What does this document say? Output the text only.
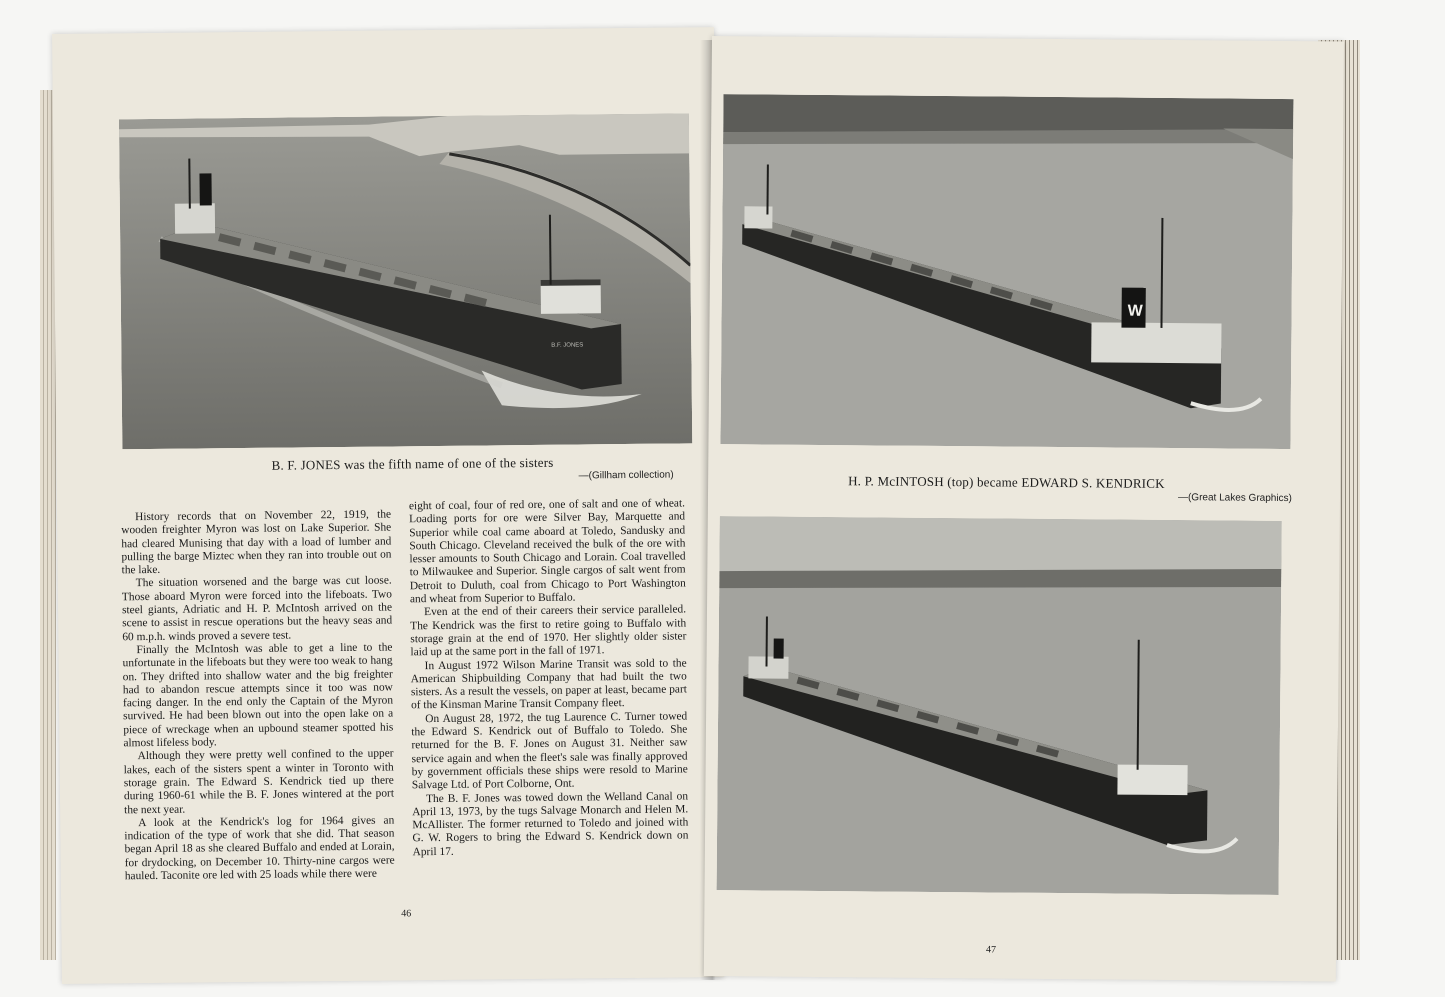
B.F. JONES
B. F. JONES was the fifth name of one of the sisters
—(Gillham collection)

History records that on November 22, 1919, the wooden freighter Myron was lost on Lake Superior. She had cleared Munising that day with a load of lumber and pulling the barge Miztec when they ran into trouble out on the lake.

The situation worsened and the barge was cut loose. Those aboard Myron were forced into the lifeboats. Two steel giants, Adriatic and H. P. McIntosh arrived on the scene to assist in rescue operations but the heavy seas and 60 m.p.h. winds proved a severe test.

Finally the McIntosh was able to get a line to the unfortunate in the lifeboats but they were too weak to hang on. They drifted into shallow water and the big freighter had to abandon rescue attempts since it too was now facing danger. In the end only the Captain of the Myron survived. He had been blown out into the open lake on a piece of wreckage when an upbound steamer spotted his almost lifeless body.

Although they were pretty well confined to the upper lakes, each of the sisters spent a winter in Toronto with storage grain. The Edward S. Kendrick tied up there during 1960-61 while the B. F. Jones wintered at the port the next year.

A look at the Kendrick's log for 1964 gives an indication of the type of work that she did. That season began April 18 as she cleared Buffalo and ended at Lorain, for drydocking, on December 10. Thirty-nine cargos were hauled. Taconite ore led with 25 loads while there were

eight of coal, four of red ore, one of salt and one of wheat. Loading ports for ore were Silver Bay, Marquette and Superior while coal came aboard at Toledo, Sandusky and South Chicago. Cleveland received the bulk of the ore with lesser amounts to South Chicago and Lorain. Coal travelled to Milwaukee and Superior. Single cargos of salt went from Detroit to Duluth, coal from Chicago to Port Washington and wheat from Superior to Buffalo.

Even at the end of their careers their service paralleled. The Kendrick was the first to retire going to Buffalo with storage grain at the end of 1970. Her slightly older sister laid up at the same port in the fall of 1971.

In August 1972 Wilson Marine Transit was sold to the American Shipbuilding Company that had built the two sisters. As a result the vessels, on paper at least, became part of the Kinsman Marine Transit Company fleet.

On August 28, 1972, the tug Laurence C. Turner towed the Edward S. Kendrick out of Buffalo to Toledo. She returned for the B. F. Jones on August 31. Neither saw service again and when the fleet's sale was finally approved by government officials these ships were resold to Marine Salvage Ltd. of Port Colborne, Ont.

The B. F. Jones was towed down the Welland Canal on April 13, 1973, by the tugs Salvage Monarch and Helen M. McAllister. The former returned to Toledo and joined with G. W. Rogers to bring the Edward S. Kendrick down on April 17.

46
W
H. P. McINTOSH (top) became EDWARD S. KENDRICK
—(Great Lakes Graphics)
47
